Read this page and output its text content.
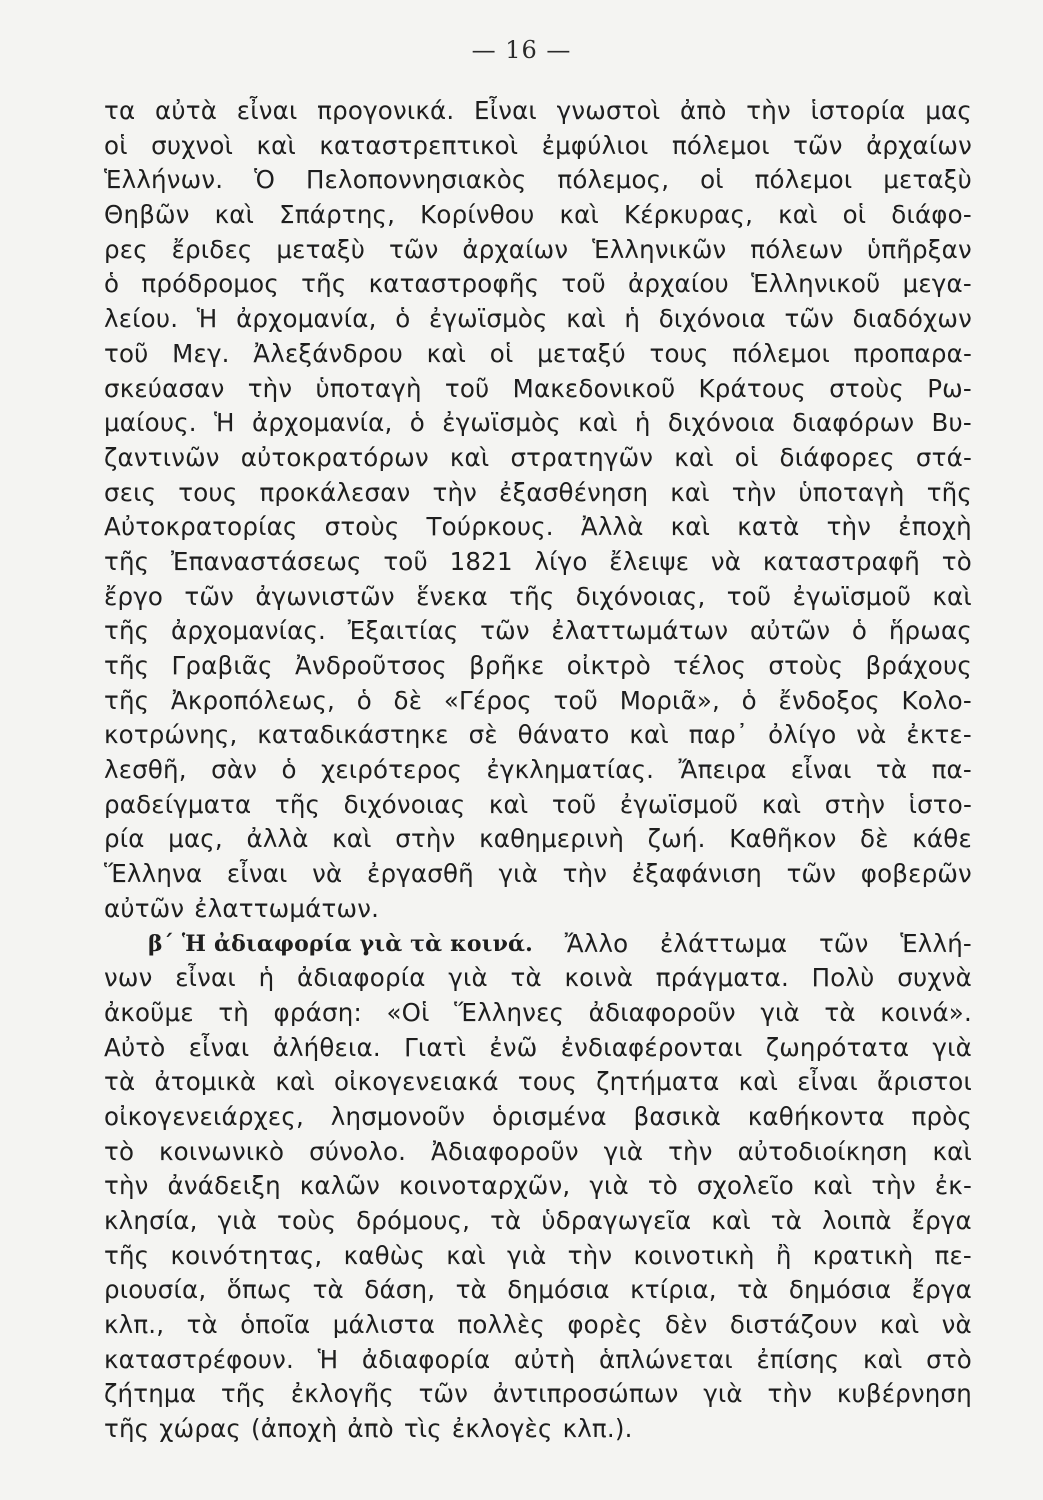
— 16 —
τα αὐτὰ εἶναι προγονικά. Εἶναι γνωστοὶ ἀπὸ τὴν ἱστορία μας
οἱ συχνοὶ καὶ καταστρεπτικοὶ ἐμφύλιοι πόλεμοι τῶν ἀρχαίων
Ἑλλήνων. Ὁ Πελοποννησιακὸς πόλεμος, οἱ πόλεμοι μεταξὺ
Θηβῶν καὶ Σπάρτης, Κορίνθου καὶ Κέρκυρας, καὶ οἱ διάφο-
ρες ἔριδες μεταξὺ τῶν ἀρχαίων Ἑλληνικῶν πόλεων ὑπῆρξαν
ὁ πρόδρομος τῆς καταστροφῆς τοῦ ἀρχαίου Ἑλληνικοῦ μεγα-
λείου. Ἡ ἀρχομανία, ὁ ἐγωϊσμὸς καὶ ἡ διχόνοια τῶν διαδόχων
τοῦ Μεγ. Ἀλεξάνδρου καὶ οἱ μεταξύ τους πόλεμοι προπαρα-
σκεύασαν τὴν ὑποταγὴ τοῦ Μακεδονικοῦ Κράτους στοὺς Ρω-
μαίους. Ἡ ἀρχομανία, ὁ ἐγωϊσμὸς καὶ ἡ διχόνοια διαφόρων Βυ-
ζαντινῶν αὐτοκρατόρων καὶ στρατηγῶν καὶ οἱ διάφορες στά-
σεις τους προκάλεσαν τὴν ἐξασθένηση καὶ τὴν ὑποταγὴ τῆς
Αὐτοκρατορίας στοὺς Τούρκους. Ἀλλὰ καὶ κατὰ τὴν ἐποχὴ
τῆς Ἐπαναστάσεως τοῦ 1821 λίγο ἔλειψε νὰ καταστραφῆ τὸ
ἔργο τῶν ἀγωνιστῶν ἕνεκα τῆς διχόνοιας, τοῦ ἐγωϊσμοῦ καὶ
τῆς ἀρχομανίας. Ἐξαιτίας τῶν ἐλαττωμάτων αὐτῶν ὁ ἥρωας
τῆς Γραβιᾶς Ἀνδροῦτσος βρῆκε οἰκτρὸ τέλος στοὺς βράχους
τῆς Ἀκροπόλεως, ὁ δὲ «Γέρος τοῦ Μοριᾶ», ὁ ἔνδοξος Κολο-
κοτρώνης, καταδικάστηκε σὲ θάνατο καὶ παρ᾿ ὀλίγο νὰ ἐκτε-
λεσθῆ, σὰν ὁ χειρότερος ἐγκληματίας. Ἄπειρα εἶναι τὰ πα-
ραδείγματα τῆς διχόνοιας καὶ τοῦ ἐγωϊσμοῦ καὶ στὴν ἱστο-
ρία μας, ἀλλὰ καὶ στὴν καθημερινὴ ζωή. Καθῆκον δὲ κάθε
Ἕλληνα εἶναι νὰ ἐργασθῆ γιὰ τὴν ἐξαφάνιση τῶν φοβερῶν
αὐτῶν ἐλαττωμάτων.
β΄ Ἡ ἀδιαφορία γιὰ τὰ κοινά. Ἄλλο ἐλάττωμα τῶν Ἑλλή-
νων εἶναι ἡ ἀδιαφορία γιὰ τὰ κοινὰ πράγματα. Πολὺ συχνὰ
ἀκοῦμε τὴ φράση: «Οἱ Ἕλληνες ἀδιαφοροῦν γιὰ τὰ κοινά».
Αὐτὸ εἶναι ἀλήθεια. Γιατὶ ἐνῶ ἐνδιαφέρονται ζωηρότατα γιὰ
τὰ ἀτομικὰ καὶ οἰκογενειακά τους ζητήματα καὶ εἶναι ἄριστοι
οἰκογενειάρχες, λησμονοῦν ὁρισμένα βασικὰ καθήκοντα πρὸς
τὸ κοινωνικὸ σύνολο. Ἀδιαφοροῦν γιὰ τὴν αὐτοδιοίκηση καὶ
τὴν ἀνάδειξη καλῶν κοινοταρχῶν, γιὰ τὸ σχολεῖο καὶ τὴν ἐκ-
κλησία, γιὰ τοὺς δρόμους, τὰ ὑδραγωγεῖα καὶ τὰ λοιπὰ ἔργα
τῆς κοινότητας, καθὼς καὶ γιὰ τὴν κοινοτικὴ ἢ κρατικὴ πε-
ριουσία, ὅπως τὰ δάση, τὰ δημόσια κτίρια, τὰ δημόσια ἔργα
κλπ., τὰ ὁποῖα μάλιστα πολλὲς φορὲς δὲν διστάζουν καὶ νὰ
καταστρέφουν. Ἡ ἀδιαφορία αὐτὴ ἁπλώνεται ἐπίσης καὶ στὸ
ζήτημα τῆς ἐκλογῆς τῶν ἀντιπροσώπων γιὰ τὴν κυβέρνηση
τῆς χώρας (ἀποχὴ ἀπὸ τὶς ἐκλογὲς κλπ.).
